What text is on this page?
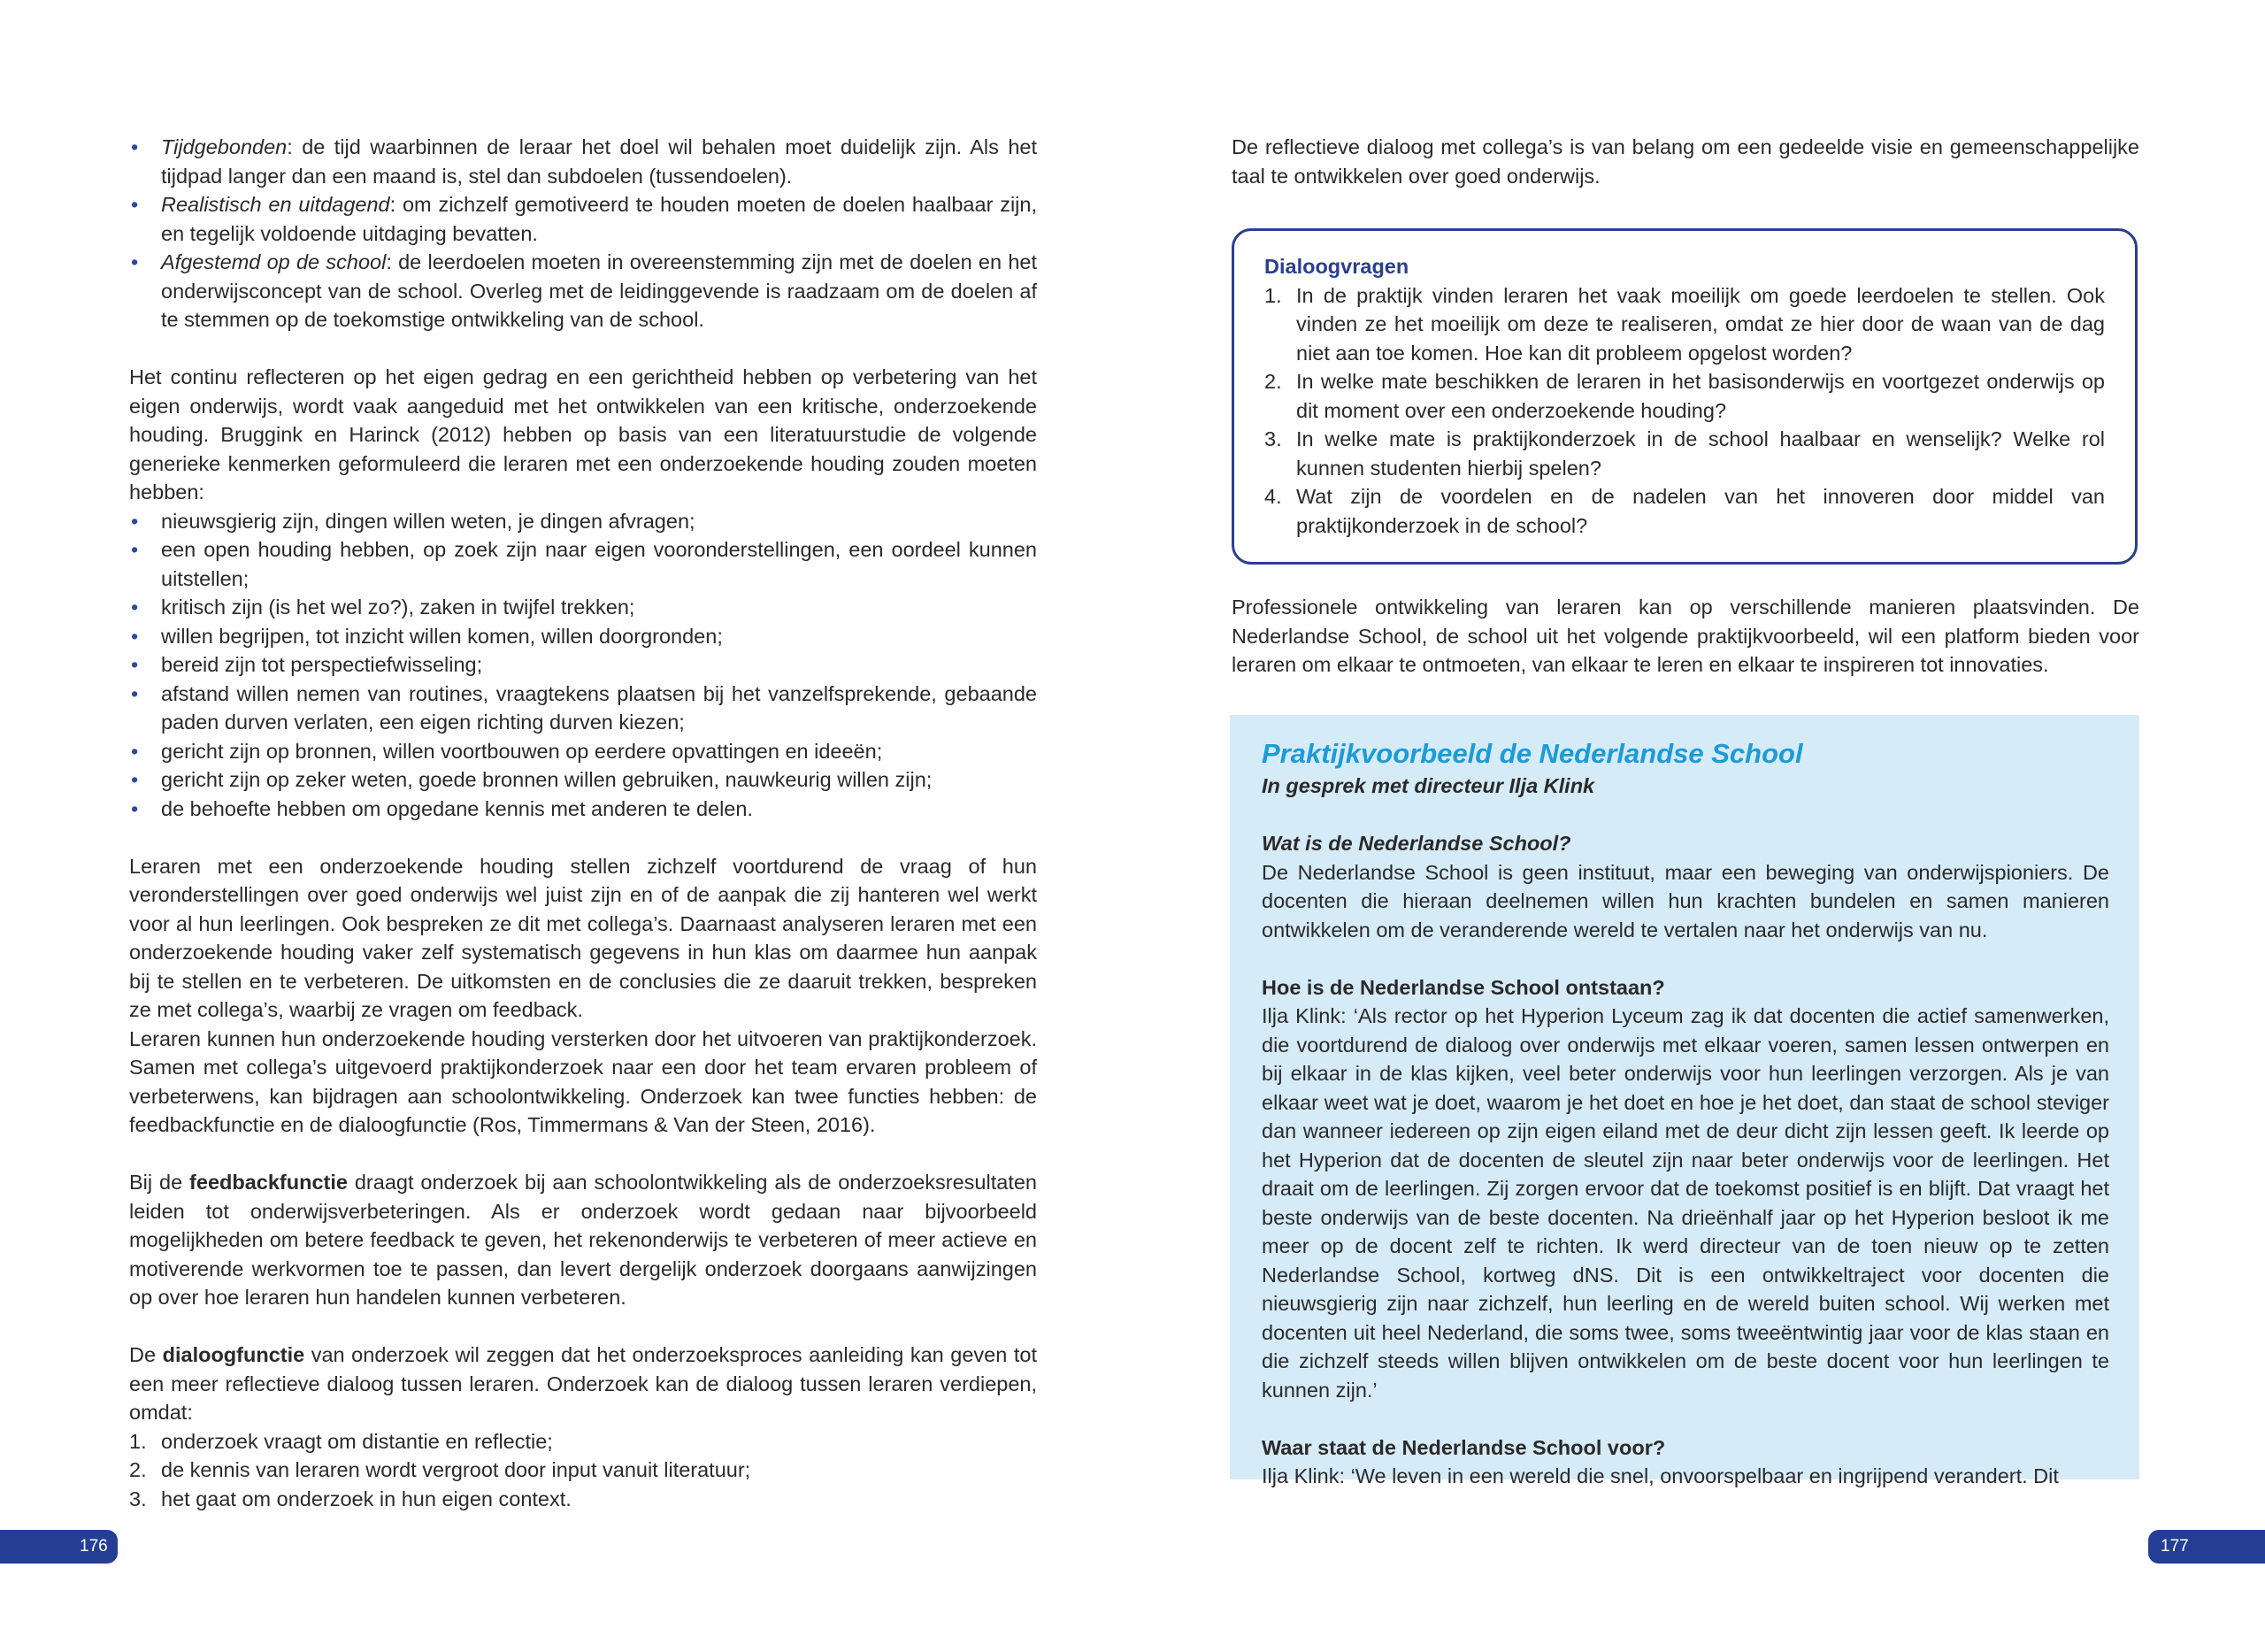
• Tijdgebonden: de tijd waarbinnen de leraar het doel wil behalen moet duidelijk zijn. Als het tijdpad langer dan een maand is, stel dan subdoelen (tussendoelen).
• Realistisch en uitdagend: om zichzelf gemotiveerd te houden moeten de doelen haalbaar zijn, en tegelijk voldoende uitdaging bevatten.
• Afgestemd op de school: de leerdoelen moeten in overeenstemming zijn met de doelen en het onderwijsconcept van de school. Overleg met de leidinggevende is raadzaam om de doelen af te stemmen op de toekomstige ontwikkeling van de school.

Het continu reflecteren op het eigen gedrag en een gerichtheid hebben op verbetering van het eigen onderwijs, wordt vaak aangeduid met het ontwikkelen van een kritische, onderzoekende houding. Bruggink en Harinck (2012) hebben op basis van een literatuurstudie de volgende generieke kenmerken geformuleerd die leraren met een onderzoekende houding zouden moeten hebben:

• nieuwsgierig zijn, dingen willen weten, je dingen afvragen;
• een open houding hebben, op zoek zijn naar eigen vooronderstellingen, een oordeel kunnen uitstellen;
• kritisch zijn (is het wel zo?), zaken in twijfel trekken;
• willen begrijpen, tot inzicht willen komen, willen doorgronden;
• bereid zijn tot perspectiefwisseling;
• afstand willen nemen van routines, vraagtekens plaatsen bij het vanzelfsprekende, gebaande paden durven verlaten, een eigen richting durven kiezen;
• gericht zijn op bronnen, willen voortbouwen op eerdere opvattingen en ideeën;
• gericht zijn op zeker weten, goede bronnen willen gebruiken, nauwkeurig willen zijn;
• de behoefte hebben om opgedane kennis met anderen te delen.

Leraren met een onderzoekende houding stellen zichzelf voortdurend de vraag of hun veronderstellingen over goed onderwijs wel juist zijn en of de aanpak die zij hanteren wel werkt voor al hun leerlingen. Ook bespreken ze dit met collega’s. Daarnaast analyseren leraren met een onderzoekende houding vaker zelf systematisch gegevens in hun klas om daarmee hun aanpak bij te stellen en te verbeteren. De uitkomsten en de conclusies die ze daaruit trekken, bespreken ze met collega’s, waarbij ze vragen om feedback.

Leraren kunnen hun onderzoekende houding versterken door het uitvoeren van praktijkonderzoek. Samen met collega’s uitgevoerd praktijkonderzoek naar een door het team ervaren probleem of verbeterwens, kan bijdragen aan schoolontwikkeling. Onderzoek kan twee functies hebben: de feedbackfunctie en de dialoogfunctie (Ros, Timmermans & Van der Steen, 2016).

Bij de feedbackfunctie draagt onderzoek bij aan schoolontwikkeling als de onderzoeksresultaten leiden tot onderwijsverbeteringen. Als er onderzoek wordt gedaan naar bijvoorbeeld mogelijkheden om betere feedback te geven, het rekenonderwijs te verbeteren of meer actieve en motiverende werkvormen toe te passen, dan levert dergelijk onderzoek doorgaans aanwijzingen op over hoe leraren hun handelen kunnen verbeteren.

De dialoogfunctie van onderzoek wil zeggen dat het onderzoeksproces aanleiding kan geven tot een meer reflectieve dialoog tussen leraren. Onderzoek kan de dialoog tussen leraren verdiepen, omdat:

1. onderzoek vraagt om distantie en reflectie;
2. de kennis van leraren wordt vergroot door input vanuit literatuur;
3. het gaat om onderzoek in hun eigen context.
176

De reflectieve dialoog met collega’s is van belang om een gedeelde visie en gemeenschappelijke taal te ontwikkelen over goed onderwijs.

Dialoogvragen
1. In de praktijk vinden leraren het vaak moeilijk om goede leerdoelen te stellen. Ook vinden ze het moeilijk om deze te realiseren, omdat ze hier door de waan van de dag niet aan toe komen. Hoe kan dit probleem opgelost worden?
2. In welke mate beschikken de leraren in het basisonderwijs en voortgezet onderwijs op dit moment over een onderzoekende houding?
3. In welke mate is praktijkonderzoek in de school haalbaar en wenselijk? Welke rol kunnen studenten hierbij spelen?
4. Wat zijn de voordelen en de nadelen van het innoveren door middel van praktijkonderzoek in de school?

Professionele ontwikkeling van leraren kan op verschillende manieren plaatsvinden. De Nederlandse School, de school uit het volgende praktijkvoorbeeld, wil een platform bieden voor leraren om elkaar te ontmoeten, van elkaar te leren en elkaar te inspireren tot innovaties.

Praktijkvoorbeeld de Nederlandse School
In gesprek met directeur Ilja Klink
Wat is de Nederlandse School?

De Nederlandse School is geen instituut, maar een beweging van onderwijspioniers. De docenten die hieraan deelnemen willen hun krachten bundelen en samen manieren ontwikkelen om de veranderende wereld te vertalen naar het onderwijs van nu.

Hoe is de Nederlandse School ontstaan?

Ilja Klink: ‘Als rector op het Hyperion Lyceum zag ik dat docenten die actief samenwerken, die voortdurend de dialoog over onderwijs met elkaar voeren, samen lessen ontwerpen en bij elkaar in de klas kijken, veel beter onderwijs voor hun leerlingen verzorgen. Als je van elkaar weet wat je doet, waarom je het doet en hoe je het doet, dan staat de school steviger dan wanneer iedereen op zijn eigen eiland met de deur dicht zijn lessen geeft. Ik leerde op het Hyperion dat de docenten de sleutel zijn naar beter onderwijs voor de leerlingen. Het draait om de leerlingen. Zij zorgen ervoor dat de toekomst positief is en blijft. Dat vraagt het beste onderwijs van de beste docenten. Na drieënhalf jaar op het Hyperion besloot ik me meer op de docent zelf te richten. Ik werd directeur van de toen nieuw op te zetten Nederlandse School, kortweg dNS. Dit is een ontwikkeltraject voor docenten die nieuwsgierig zijn naar zichzelf, hun leerling en de wereld buiten school. Wij werken met docenten uit heel Nederland, die soms twee, soms tweeëntwintig jaar voor de klas staan en die zichzelf steeds willen blijven ontwikkelen om de beste docent voor hun leerlingen te kunnen zijn.’

Waar staat de Nederlandse School voor?

Ilja Klink: ‘We leven in een wereld die snel, onvoorspelbaar en ingrijpend verandert. Dit

177
